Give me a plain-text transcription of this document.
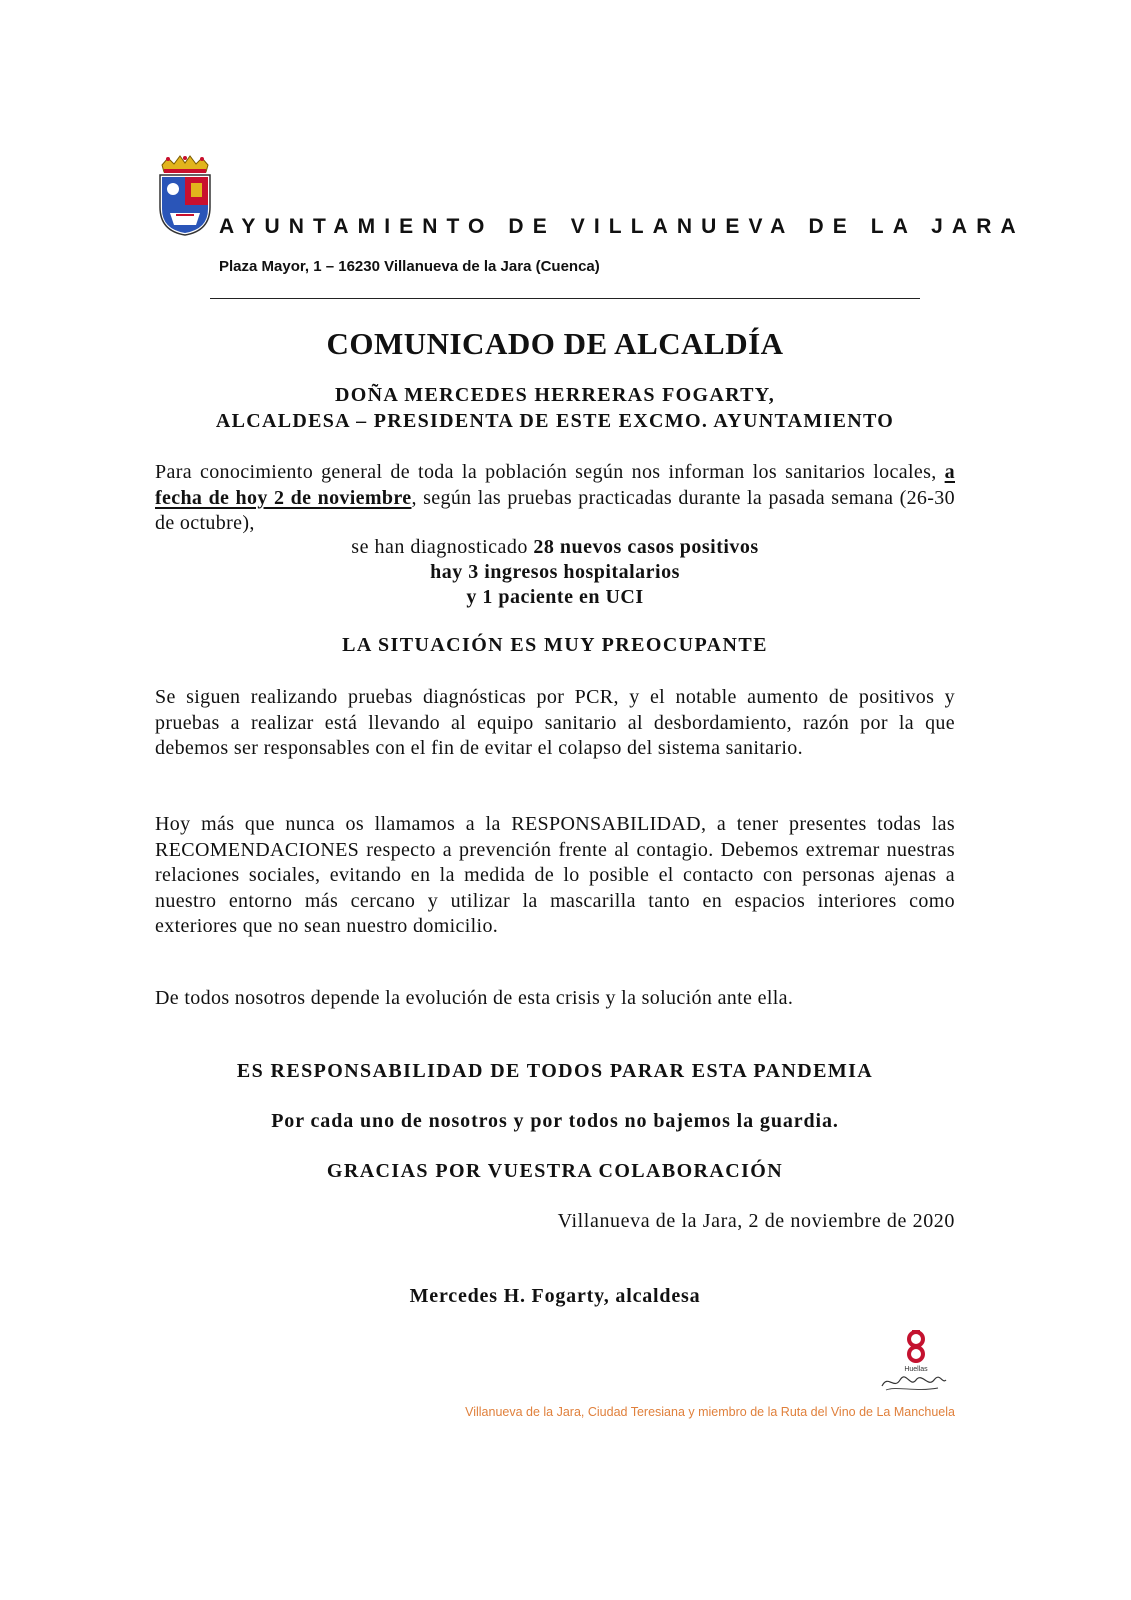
AYUNTAMIENTO DE VILLANUEVA DE LA JARA
Plaza Mayor, 1 – 16230 Villanueva de la Jara (Cuenca)
COMUNICADO DE ALCALDÍA
DOÑA MERCEDES HERRERAS FOGARTY,
ALCALDESA – PRESIDENTA DE ESTE EXCMO. AYUNTAMIENTO
Para conocimiento general de toda la población según nos informan los sanitarios locales, a fecha de hoy 2 de noviembre, según las pruebas practicadas durante la pasada semana (26-30 de octubre),
se han diagnosticado 28 nuevos casos positivos
hay 3 ingresos hospitalarios
y 1 paciente en UCI
LA SITUACIÓN ES MUY PREOCUPANTE
Se siguen realizando pruebas diagnósticas por PCR, y el notable aumento de positivos y pruebas a realizar está llevando al equipo sanitario al desbordamiento, razón por la que debemos ser responsables con el fin de evitar el colapso del sistema sanitario.
Hoy más que nunca os llamamos a la RESPONSABILIDAD, a tener presentes todas las RECOMENDACIONES respecto a prevención frente al contagio. Debemos extremar nuestras relaciones sociales, evitando en la medida de lo posible el contacto con personas ajenas a nuestro entorno más cercano y utilizar la mascarilla tanto en espacios interiores como exteriores que no sean nuestro domicilio.
De todos nosotros depende la evolución de esta crisis y la solución ante ella.
ES RESPONSABILIDAD DE TODOS PARAR ESTA PANDEMIA
Por cada uno de nosotros y por todos no bajemos la guardia.
GRACIAS POR VUESTRA COLABORACIÓN
Villanueva de la Jara, 2 de noviembre de 2020
Mercedes H. Fogarty, alcaldesa
Huellas
Villanueva de la Jara, Ciudad Teresiana y miembro de la Ruta del Vino de La Manchuela
